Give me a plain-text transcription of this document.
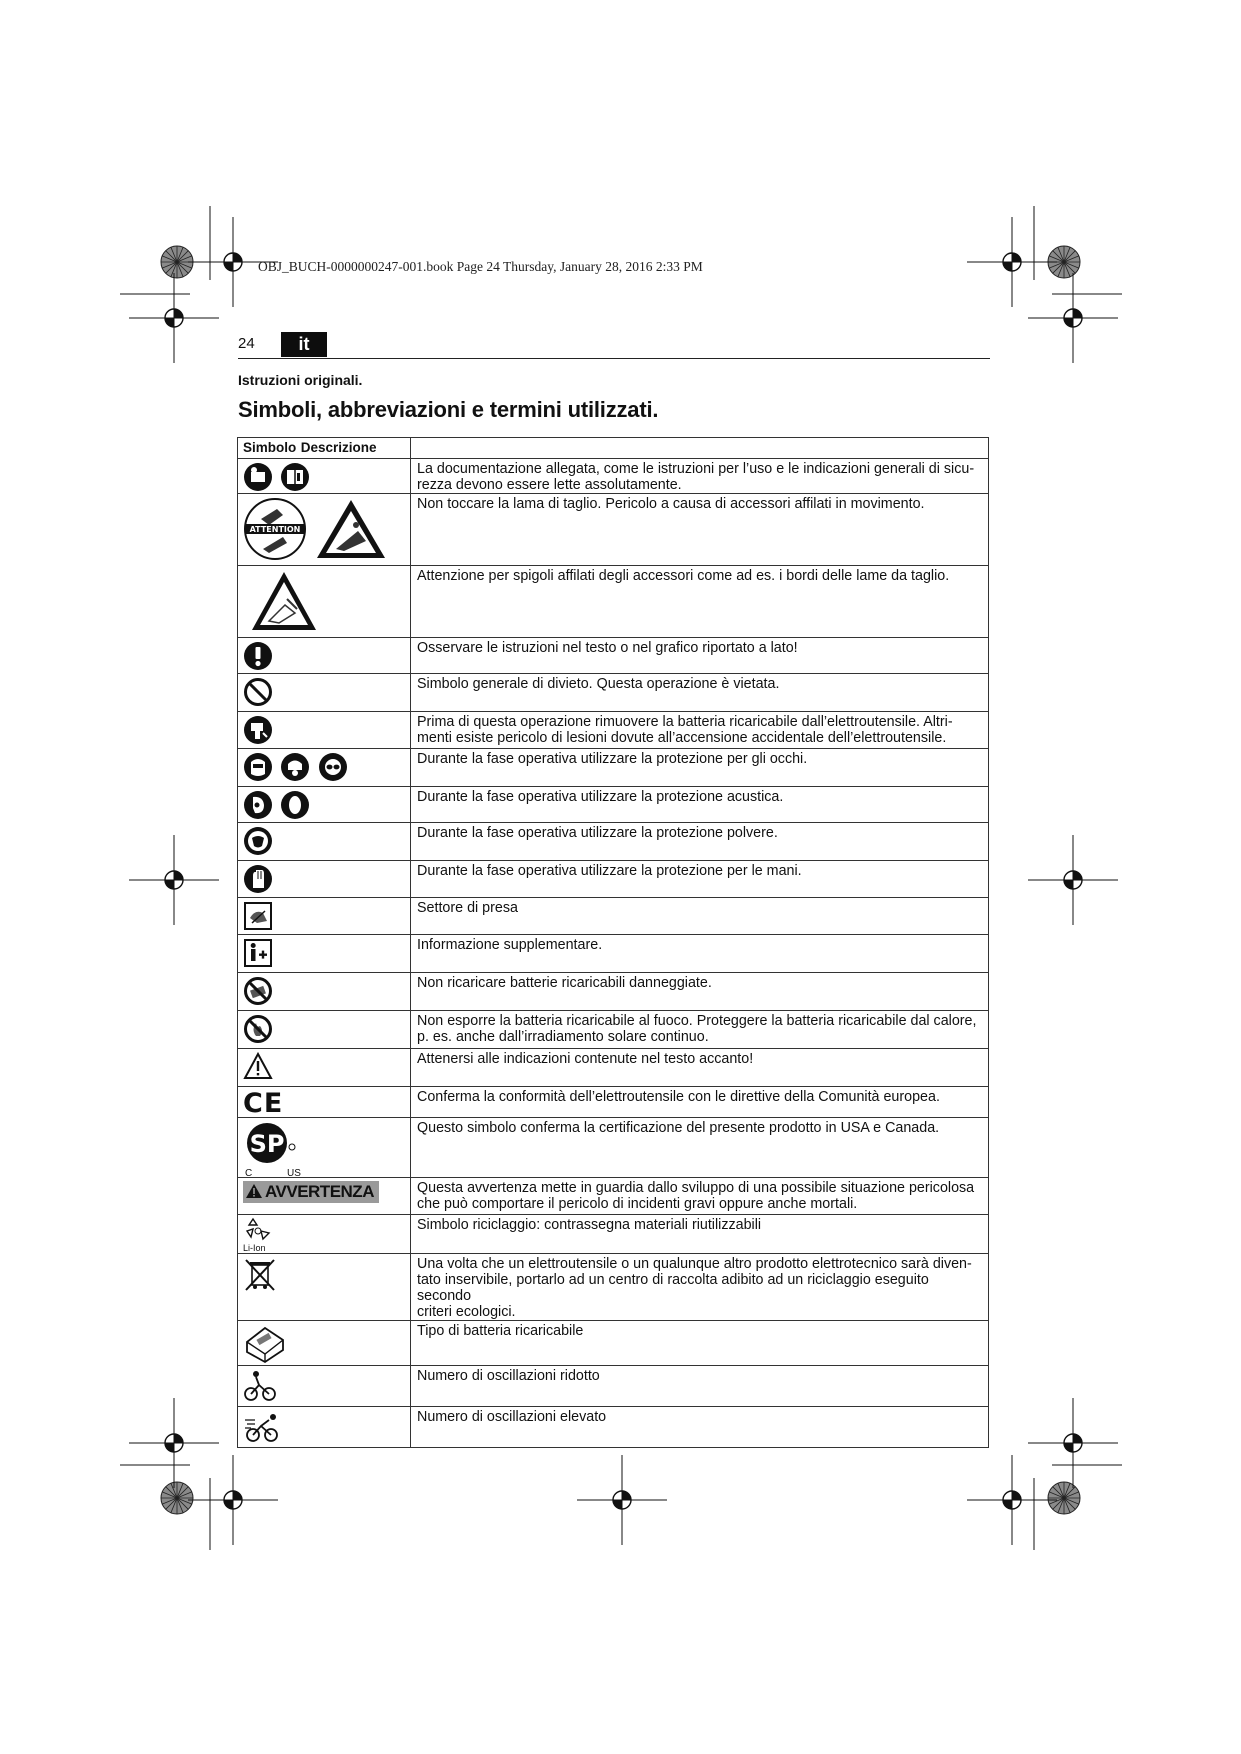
OBJ_BUCH-0000000247-001.book Page 24 Thursday, January 28, 2016 2:33 PM
24	it
Istruzioni originali.
Simboli, abbreviazioni e termini utilizzati.
Simbolo Descrizione	
	La documentazione allegata, come le istruzioni per l’uso e le indicazioni generali di sicu-
rezza devono essere lette assolutamente.

ATTENTION	Non toccare la lama di taglio. Pericolo a causa di accessori affilati in movimento.
	Attenzione per spigoli affilati degli accessori come ad es. i bordi delle lame da taglio.
	Osservare le istruzioni nel testo o nel grafico riportato a lato!
	Simbolo generale di divieto. Questa operazione è vietata.
	Prima di questa operazione rimuovere la batteria ricaricabile dall’elettroutensile. Altri-
menti esiste pericolo di lesioni dovute all’accensione accidentale dell’elettroutensile.
	Durante la fase operativa utilizzare la protezione per gli occhi.
	Durante la fase operativa utilizzare la protezione acustica.
	Durante la fase operativa utilizzare la protezione polvere.
	Durante la fase operativa utilizzare la protezione per le mani.
	Settore di presa
	Informazione supplementare.
	Non ricaricare batterie ricaricabili danneggiate.
	Non esporre la batteria ricaricabile al fuoco. Proteggere la batteria ricaricabile dal calore,
p. es. anche dall’irradiamento solare continuo.
	Attenersi alle indicazioni contenute nel testo accanto!
CE	Conferma la conformità dell’elettroutensile con le direttive della Comunità europea.

SP
C US	Questo simbolo conferma la certificazione del presente prodotto in USA e Canada.
AVVERTENZA	Questa avvertenza mette in guardia dallo sviluppo di una possibile situazione pericolosa
che può comportare il pericolo di incidenti gravi oppure anche mortali.

Li-Ion	Simbolo riciclaggio: contrassegna materiali riutilizzabili
	Una volta che un elettroutensile o un qualunque altro prodotto elettrotecnico sarà diven-
tato inservibile, portarlo ad un centro di raccolta adibito ad un riciclaggio eseguito secondo
criteri ecologici.
	Tipo di batteria ricaricabile
	Numero di oscillazioni ridotto
	Numero di oscillazioni elevato
